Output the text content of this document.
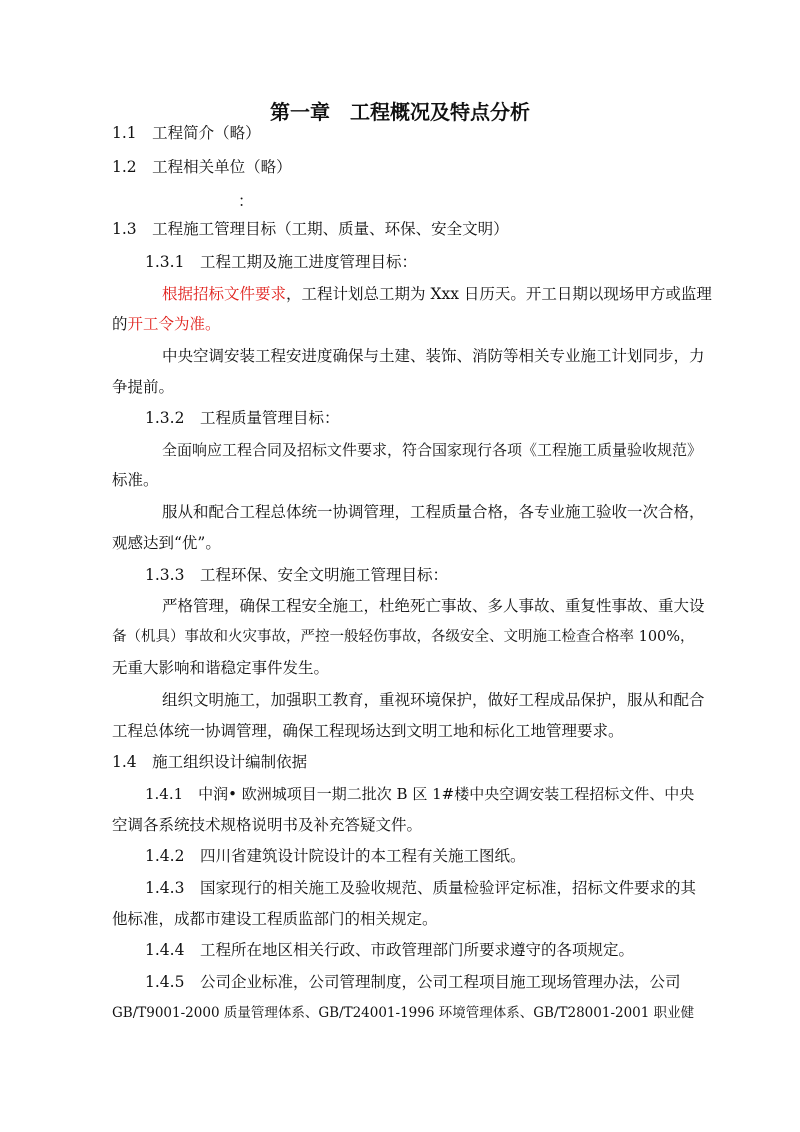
第一章　工程概况及特点分析
1.1　工程简介（略）
1.2　工程相关单位（略）
：
1.3　工程施工管理目标（工期、质量、环保、安全文明）
1.3.1　工程工期及施工进度管理目标：
根据招标文件要求，工程计划总工期为 Xxx 日历天。开工日期以现场甲方或监理
的开工令为准。
中央空调安装工程安进度确保与土建、装饰、消防等相关专业施工计划同步，力
争提前。
1.3.2　工程质量管理目标：
全面响应工程合同及招标文件要求，符合国家现行各项《工程施工质量验收规范》
标准。
服从和配合工程总体统一协调管理，工程质量合格，各专业施工验收一次合格，
观感达到“优”。
1.3.3　工程环保、安全文明施工管理目标：
严格管理，确保工程安全施工，杜绝死亡事故、多人事故、重复性事故、重大设
备（机具）事故和火灾事故，严控一般轻伤事故，各级安全、文明施工检查合格率 100%，
无重大影响和谐稳定事件发生。
组织文明施工，加强职工教育，重视环境保护，做好工程成品保护，服从和配合
工程总体统一协调管理，确保工程现场达到文明工地和标化工地管理要求。
1.4　施工组织设计编制依据
1.4.1　中润• 欧洲城项目一期二批次 B 区 1#楼中央空调安装工程招标文件、中央
空调各系统技术规格说明书及补充答疑文件。
1.4.2　四川省建筑设计院设计的本工程有关施工图纸。
1.4.3　国家现行的相关施工及验收规范、质量检验评定标准，招标文件要求的其
他标准，成都市建设工程质监部门的相关规定。
1.4.4　工程所在地区相关行政、市政管理部门所要求遵守的各项规定。
1.4.5　公司企业标准，公司管理制度，公司工程项目施工现场管理办法，公司
GB/T9001-2000 质量管理体系、GB/T24001-1996 环境管理体系、GB/T28001-2001 职业健
